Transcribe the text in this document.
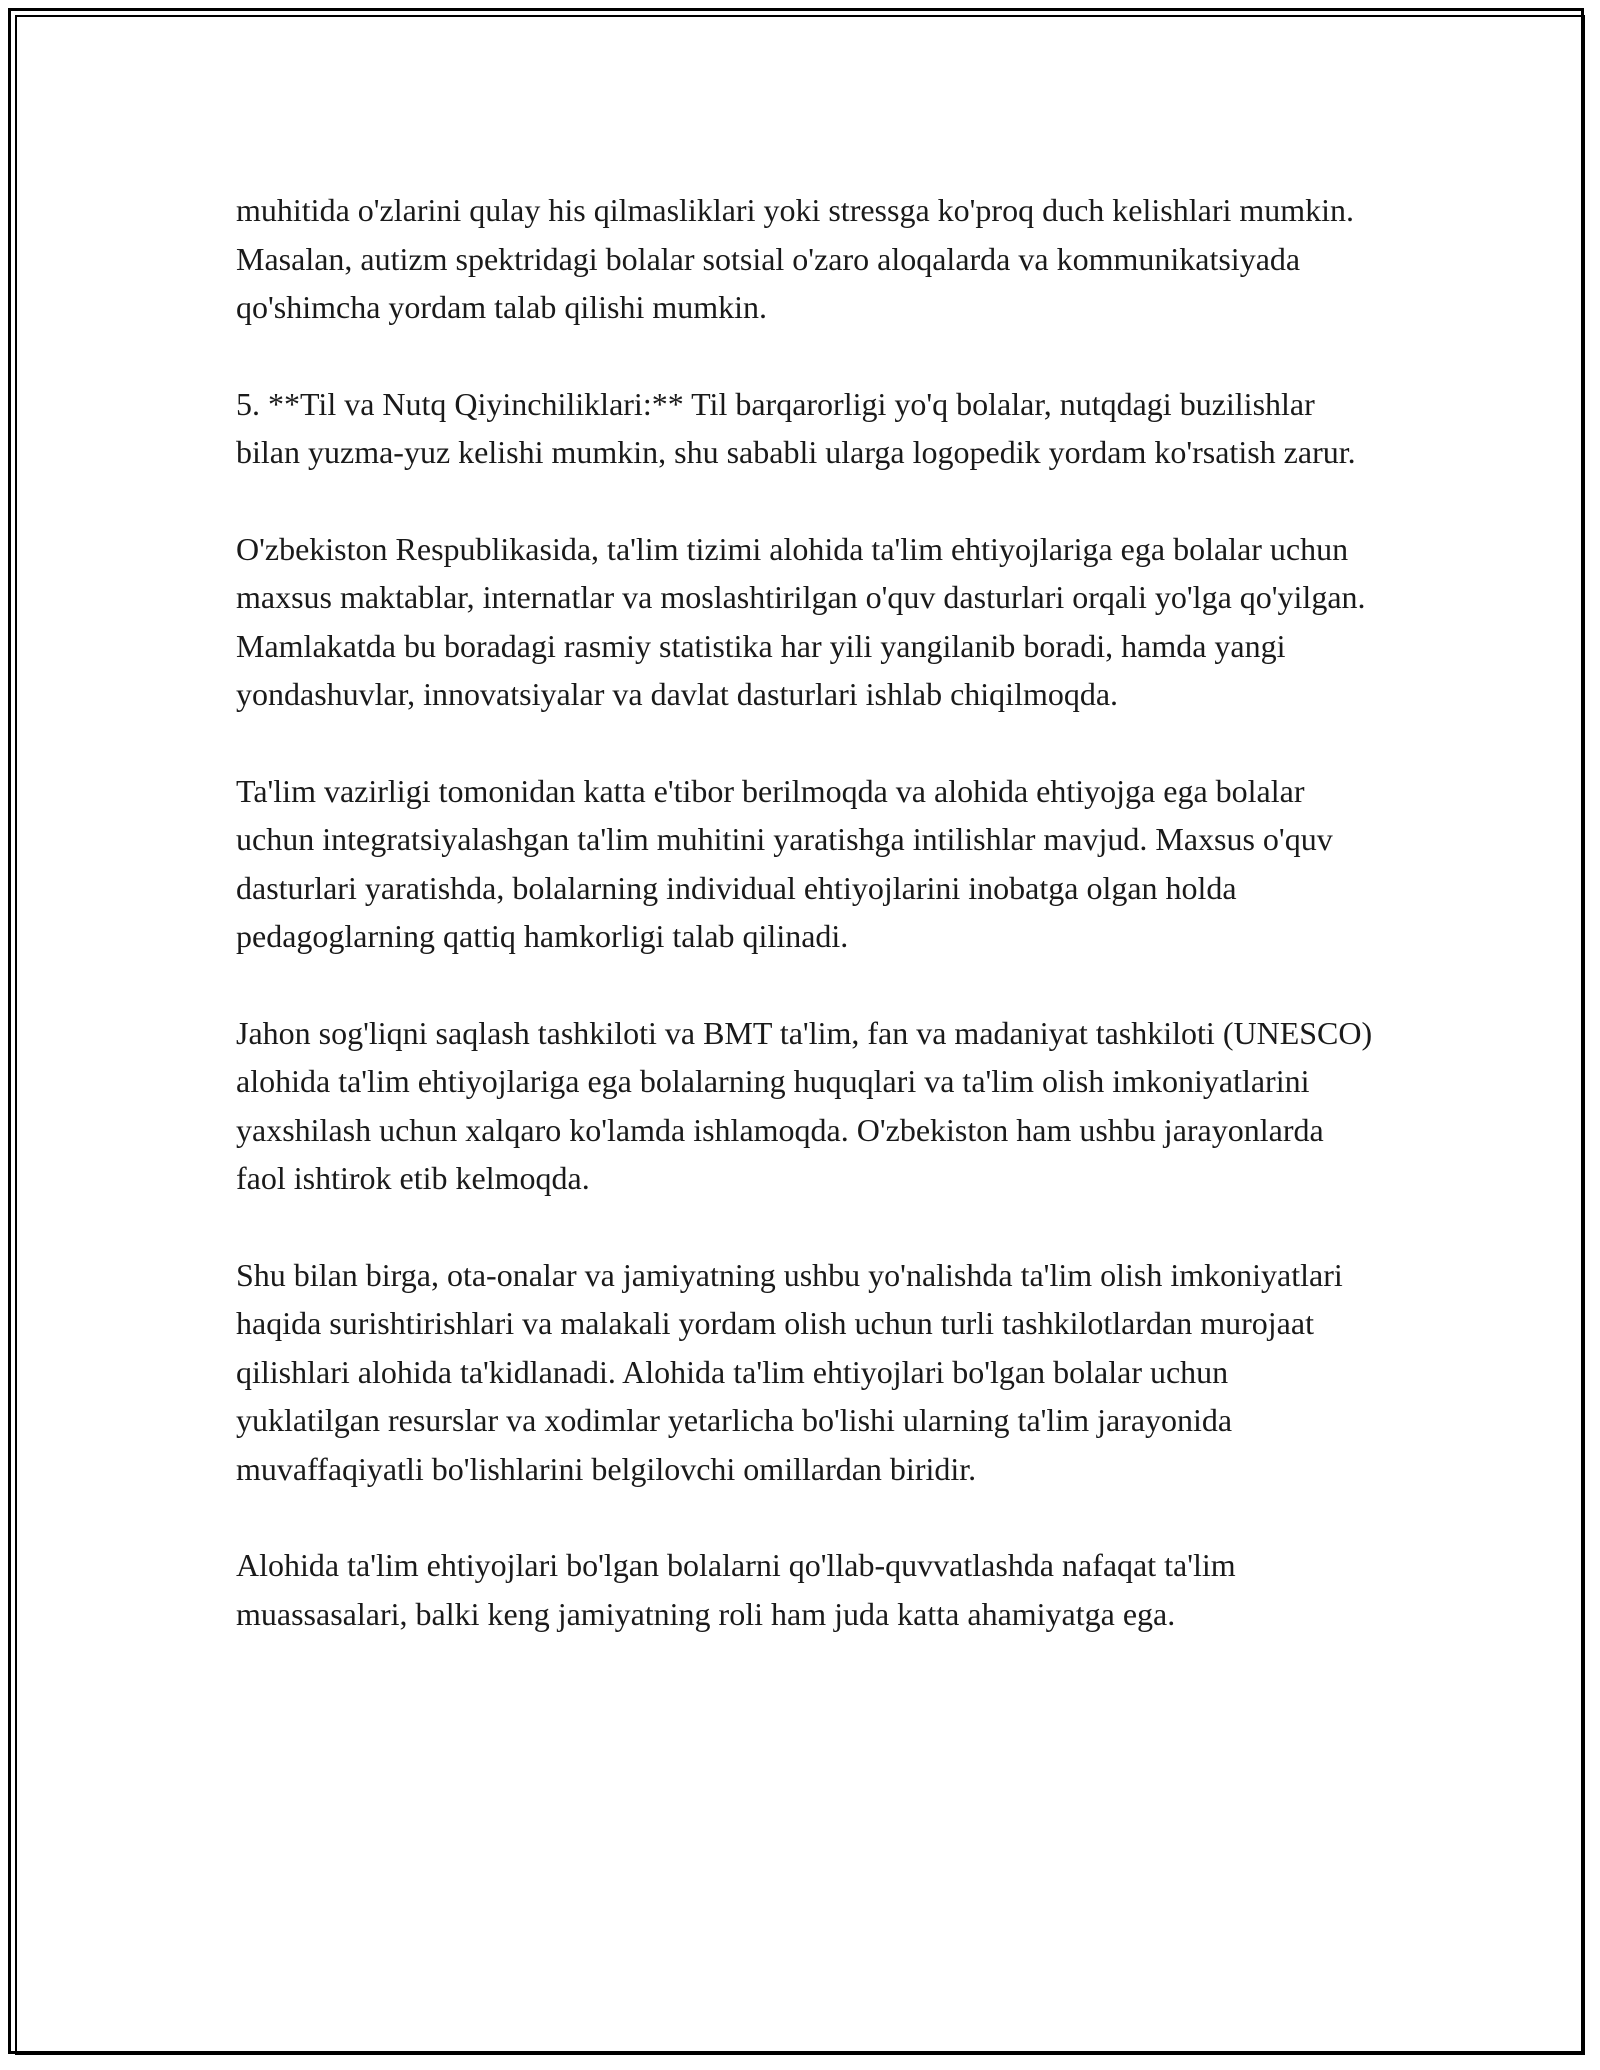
muhitida o'zlarini qulay his qilmasliklari yoki stressga ko'proq duch kelishlari mumkin. Masalan, autizm spektridagi bolalar sotsial o'zaro aloqalarda va kommunikatsiyada qo'shimcha yordam talab qilishi mumkin.

5. **Til va Nutq Qiyinchiliklari:** Til barqarorligi yo'q bolalar, nutqdagi buzilishlar bilan yuzma-yuz kelishi mumkin, shu sababli ularga logopedik yordam ko'rsatish zarur.

O'zbekiston Respublikasida, ta'lim tizimi alohida ta'lim ehtiyojlariga ega bolalar uchun maxsus maktablar, internatlar va moslashtirilgan o'quv dasturlari orqali yo'lga qo'yilgan. Mamlakatda bu boradagi rasmiy statistika har yili yangilanib boradi, hamda yangi yondashuvlar, innovatsiyalar va davlat dasturlari ishlab chiqilmoqda.

Ta'lim vazirligi tomonidan katta e'tibor berilmoqda va alohida ehtiyojga ega bolalar uchun integratsiyalashgan ta'lim muhitini yaratishga intilishlar mavjud. Maxsus o'quv dasturlari yaratishda, bolalarning individual ehtiyojlarini inobatga olgan holda pedagoglarning qattiq hamkorligi talab qilinadi.

Jahon sog'liqni saqlash tashkiloti va BMT ta'lim, fan va madaniyat tashkiloti (UNESCO) alohida ta'lim ehtiyojlariga ega bolalarning huquqlari va ta'lim olish imkoniyatlarini yaxshilash uchun xalqaro ko'lamda ishlamoqda. O'zbekiston ham ushbu jarayonlarda faol ishtirok etib kelmoqda.

Shu bilan birga, ota-onalar va jamiyatning ushbu yo'nalishda ta'lim olish imkoniyatlari haqida surishtirishlari va malakali yordam olish uchun turli tashkilotlardan murojaat qilishlari alohida ta'kidlanadi. Alohida ta'lim ehtiyojlari bo'lgan bolalar uchun yuklatilgan resurslar va xodimlar yetarlicha bo'lishi ularning ta'lim jarayonida muvaffaqiyatli bo'lishlarini belgilovchi omillardan biridir.

Alohida ta'lim ehtiyojlari bo'lgan bolalarni qo'llab-quvvatlashda nafaqat ta'lim muassasalari, balki keng jamiyatning roli ham juda katta ahamiyatga ega.
